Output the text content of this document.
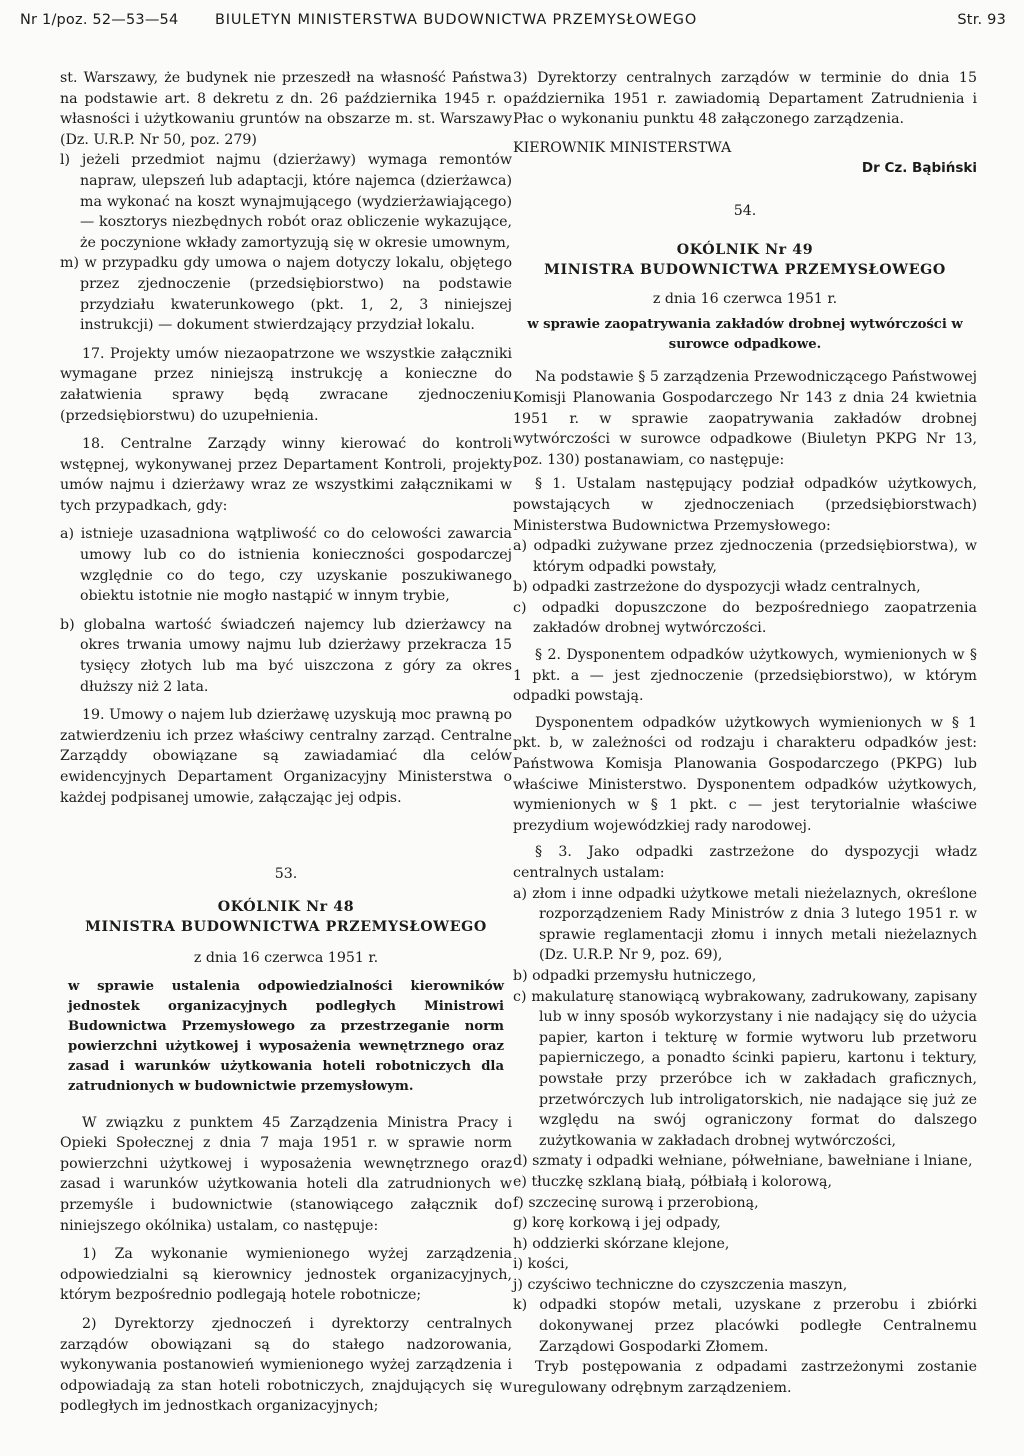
Nr 1/poz. 52—53—54	BIULETYN MINISTERSTWA BUDOWNICTWA PRZEMYSŁOWEGO	Str. 93

st. Warszawy, że budynek nie przeszedł na własność Państwa na podstawie art. 8 dekretu z dn. 26 października 1945 r. o własności i użytkowaniu gruntów na obszarze m. st. Warszawy (Dz. U.R.P. Nr 50, poz. 279)

l) jeżeli przedmiot najmu (dzierżawy) wymaga remontów napraw, ulepszeń lub adaptacji, które najemca (dzierżawca) ma wykonać na koszt wynajmującego (wydzierżawiającego) — kosztorys niezbędnych robót oraz obliczenie wykazujące, że poczynione wkłady zamortyzują się w okresie umownym,

m) w przypadku gdy umowa o najem dotyczy lokalu, objętego przez zjednoczenie (przedsiębiorstwo) na podstawie przydziału kwaterunkowego (pkt. 1, 2, 3 niniejszej instrukcji) — dokument stwierdzający przydział lokalu.

17. Projekty umów niezaopatrzone we wszystkie załączniki wymagane przez niniejszą instrukcję a konieczne do załatwienia sprawy będą zwracane zjednoczeniu (przedsiębiorstwu) do uzupełnienia.

18. Centralne Zarządy winny kierować do kontroli wstępnej, wykonywanej przez Departament Kontroli, projekty umów najmu i dzierżawy wraz ze wszystkimi załącznikami w tych przypadkach, gdy:

a) istnieje uzasadniona wątpliwość co do celowości zawarcia umowy lub co do istnienia konieczności gospodarczej względnie co do tego, czy uzyskanie poszukiwanego obiektu istotnie nie mogło nastąpić w innym trybie,

b) globalna wartość świadczeń najemcy lub dzierżawcy na okres trwania umowy najmu lub dzierżawy przekracza 15 tysięcy złotych lub ma być uiszczona z góry za okres dłuższy niż 2 lata.

19. Umowy o najem lub dzierżawę uzyskują moc prawną po zatwierdzeniu ich przez właściwy centralny zarząd. Centralne Zarząddy obowiązane są zawiadamiać dla celów ewidencyjnych Departament Organizacyjny Ministerstwa o każdej podpisanej umowie, załączając jej odpis.

53.

OKÓLNIK Nr 48

MINISTRA BUDOWNICTWA PRZEMYSŁOWEGO

z dnia 16 czerwca 1951 r.

w sprawie ustalenia odpowiedzialności kierowników jednostek organizacyjnych podległych Ministrowi Budownictwa Przemysłowego za przestrzeganie norm powierzchni użytkowej i wyposażenia wewnętrznego oraz zasad i warunków użytkowania hoteli robotniczych dla zatrudnionych w budownictwie przemysłowym.

W związku z punktem 45 Zarządzenia Ministra Pracy i Opieki Społecznej z dnia 7 maja 1951 r. w sprawie norm powierzchni użytkowej i wyposażenia wewnętrznego oraz zasad i warunków użytkowania hoteli dla zatrudnionych w przemyśle i budownictwie (stanowiącego załącznik do niniejszego okólnika) ustalam, co następuje:

1) Za wykonanie wymienionego wyżej zarządzenia odpowiedzialni są kierownicy jednostek organizacyjnych, którym bezpośrednio podlegają hotele robotnicze;

2) Dyrektorzy zjednoczeń i dyrektorzy centralnych zarządów obowiązani są do stałego nadzorowania, wykonywania postanowień wymienionego wyżej zarządzenia i odpowiadają za stan hoteli robotniczych, znajdujących się w podległych im jednostkach organizacyjnych;

3) Dyrektorzy centralnych zarządów w terminie do dnia 15 października 1951 r. zawiadomią Departament Zatrudnienia i Płac o wykonaniu punktu 48 załączonego zarządzenia.

KIEROWNIK MINISTERSTWA

Dr Cz. Bąbiński

54.

OKÓLNIK Nr 49

MINISTRA BUDOWNICTWA PRZEMYSŁOWEGO

z dnia 16 czerwca 1951 r.

w sprawie zaopatrywania zakładów drobnej wytwórczości w surowce odpadkowe.

Na podstawie § 5 zarządzenia Przewodniczącego Państwowej Komisji Planowania Gospodarczego Nr 143 z dnia 24 kwietnia 1951 r. w sprawie zaopatrywania zakładów drobnej wytwórczości w surowce odpadkowe (Biuletyn PKPG Nr 13, poz. 130) postanawiam, co następuje:

§ 1. Ustalam następujący podział odpadków użytkowych, powstających w zjednoczeniach (przedsiębiorstwach) Ministerstwa Budownictwa Przemysłowego:

a) odpadki zużywane przez zjednoczenia (przedsiębiorstwa), w którym odpadki powstały,

b) odpadki zastrzeżone do dyspozycji władz centralnych,

c) odpadki dopuszczone do bezpośredniego zaopatrzenia zakładów drobnej wytwórczości.

§ 2. Dysponentem odpadków użytkowych, wymienionych w § 1 pkt. a — jest zjednoczenie (przedsiębiorstwo), w którym odpadki powstają.

Dysponentem odpadków użytkowych wymienionych w § 1 pkt. b, w zależności od rodzaju i charakteru odpadków jest: Państwowa Komisja Planowania Gospodarczego (PKPG) lub właściwe Ministerstwo. Dysponentem odpadków użytkowych, wymienionych w § 1 pkt. c — jest terytorialnie właściwe prezydium wojewódzkiej rady narodowej.

§ 3. Jako odpadki zastrzeżone do dyspozycji władz centralnych ustalam:

a) złom i inne odpadki użytkowe metali nieżelaznych, określone rozporządzeniem Rady Ministrów z dnia 3 lutego 1951 r. w sprawie reglamentacji złomu i innych metali nieżelaznych (Dz. U.R.P. Nr 9, poz. 69),

b) odpadki przemysłu hutniczego,

c) makulaturę stanowiącą wybrakowany, zadrukowany, zapisany lub w inny sposób wykorzystany i nie nadający się do użycia papier, karton i tekturę w formie wytworu lub przetworu papierniczego, a ponadto ścinki papieru, kartonu i tektury, powstałe przy przeróbce ich w zakładach graficznych, przetwórczych lub introligatorskich, nie nadające się już ze względu na swój ograniczony format do dalszego zużytkowania w zakładach drobnej wytwórczości,

d) szmaty i odpadki wełniane, półwełniane, bawełniane i lniane,

e) tłuczkę szklaną białą, półbiałą i kolorową,

f) szczecinę surową i przerobioną,

g) korę korkową i jej odpady,

h) oddzierki skórzane klejone,

i) kości,

j) czyściwo techniczne do czyszczenia maszyn,

k) odpadki stopów metali, uzyskane z przerobu i zbiórki dokonywanej przez placówki podległe Centralnemu Zarządowi Gospodarki Złomem.

Tryb postępowania z odpadami zastrzeżonymi zostanie uregulowany odrębnym zarządzeniem.
